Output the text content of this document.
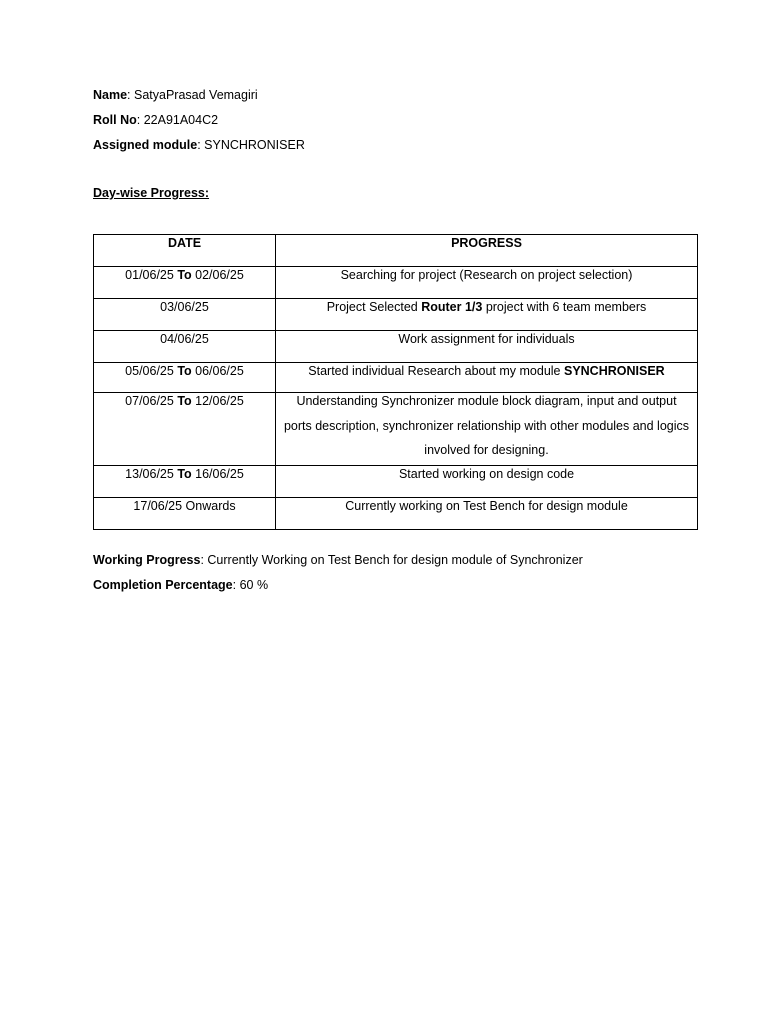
Name: SatyaPrasad Vemagiri
Roll No: 22A91A04C2
Assigned module: SYNCHRONISER
Day-wise Progress:
DATE	PROGRESS

01/06/25 To 02/06/25	Searching for project (Research on project selection)

03/06/25	Project Selected Router 1/3 project with 6 team members

04/06/25	Work assignment for individuals

05/06/25 To 06/06/25	Started individual Research about my module SYNCHRONISER

07/06/25 To 12/06/25	Understanding Synchronizer module block diagram, input and output ports description, synchronizer relationship with other modules and logics involved for designing.

13/06/25 To 16/06/25	Started working on design code

17/06/25 Onwards	Currently working on Test Bench for design module
Working Progress: Currently Working on Test Bench for design module of Synchronizer
Completion Percentage: 60 %
